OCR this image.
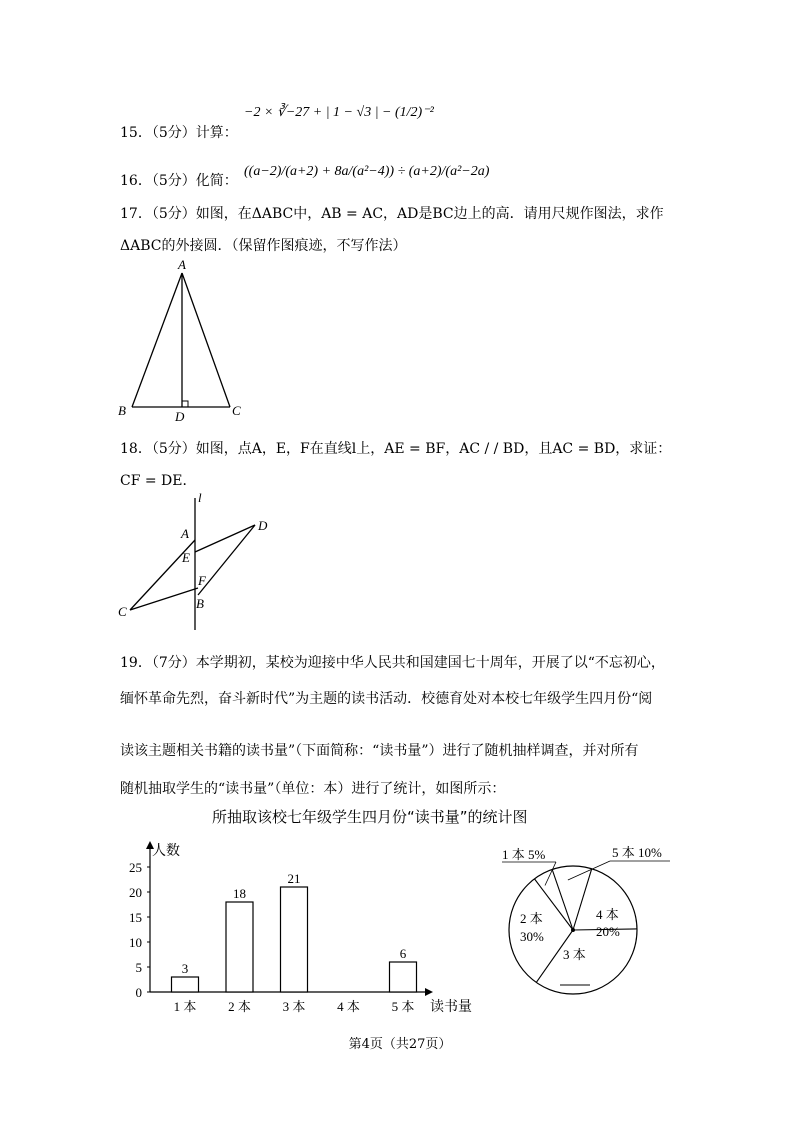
15．（5分）计算：
−2 × ∛−27 + | 1 − √3 | − (1/2)⁻²
16．（5分）化简：
((a−2)/(a+2) + 8a/(a²−4)) ÷ (a+2)/(a²−2a)
17．（5分）如图，在ΔABC中，AB = AC，AD是BC边上的高．请用尺规作图法，求作
ΔABC的外接圆．（保留作图痕迹，不写作法）
A
B	C
D
18．（5分）如图，点A，E，F在直线l上，AE = BF，AC / / BD，且AC = BD，求证：
CF = DE．
l
A
E
F
B
C
D
19．（7分）本学期初，某校为迎接中华人民共和国建国七十周年，开展了以“不忘初心，
缅怀革命先烈，奋斗新时代”为主题的读书活动．校德育处对本校七年级学生四月份“阅
读该主题相关书籍的读书量”（下面简称：“读书量”）进行了随机抽样调查，并对所有
随机抽取学生的“读书量”（单位：本）进行了统计，如图所示：
所抽取该校七年级学生四月份“读书量”的统计图
人数
读书量
0
5
10
15
20
25
1 本
3
2 本
18
3 本
21
4 本 5 本
6
1 本 5%	5 本 10%
4 本
20%
3 本
2 本
30%
第4页（共27页）
